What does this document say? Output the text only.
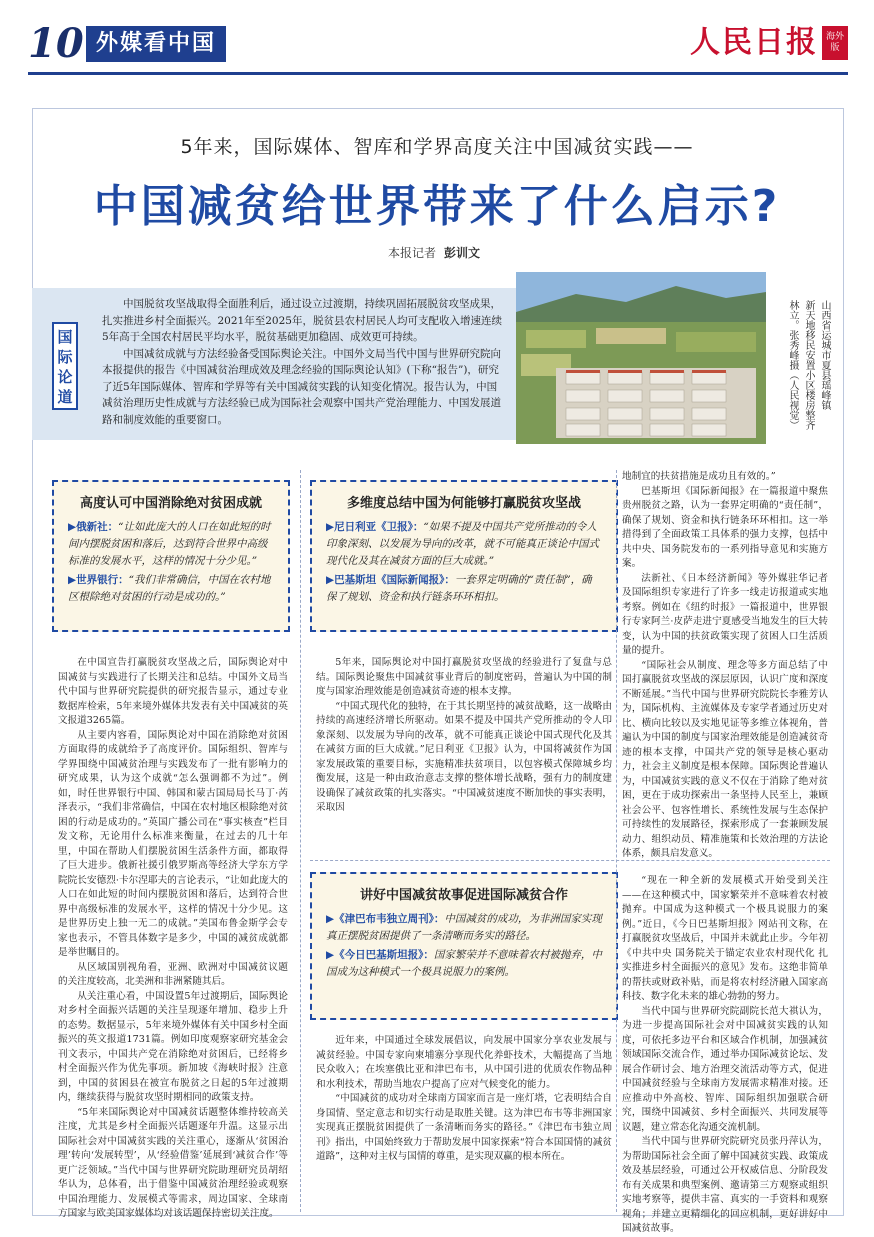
10 外媒看中国	人民日报 海外版
5年来，国际媒体、智库和学界高度关注中国减贫实践——
中国减贫给世界带来了什么启示?
本报记者 彭训文
国际论道

中国脱贫攻坚战取得全面胜利后，通过设立过渡期，持续巩固拓展脱贫攻坚成果，扎实推进乡村全面振兴。2021年至2025年，脱贫县农村居民人均可支配收入增速连续5年高于全国农村居民平均水平，脱贫基础更加稳固、成效更可持续。

中国减贫成就与方法经验备受国际舆论关注。中国外文局当代中国与世界研究院向本报提供的报告《中国减贫治理成效及理念经验的国际舆论认知》(下称“报告”)，研究了近5年国际媒体、智库和学界等有关中国减贫实践的认知变化情况。报告认为，中国减贫治理历史性成就与方法经验已成为国际社会观察中国共产党治理能力、中国发展道路和制度效能的重要窗口。

山西省运城市夏县瑶峰镇
新天地移民安置小区楼房整齐
林立。张秀峰摄（人民视觉）
高度认可中国消除绝对贫困成就

▶俄新社：“让如此庞大的人口在如此短的时间内摆脱贫困和落后，达到符合世界中高级标准的发展水平，这样的情况十分少见。”

▶世界银行：“我们非常确信，中国在农村地区根除绝对贫困的行动是成功的。”

多维度总结中国为何能够打赢脱贫攻坚战

▶尼日利亚《卫报》：“如果不提及中国共产党所推动的令人印象深刻、以发展为导向的改革，就不可能真正谈论中国式现代化及其在减贫方面的巨大成就。”

▶巴基斯坦《国际新闻报》：一套界定明确的“责任制”，确保了规划、资金和执行链条环环相扣。

讲好中国减贫故事促进国际减贫合作

▶《津巴布韦独立周刊》：中国减贫的成功，为非洲国家实现真正摆脱贫困提供了一条清晰而务实的路径。

▶《今日巴基斯坦报》：国家繁荣并不意味着农村被抛弃，中国成为这种模式一个极具说服力的案例。

在中国宣告打赢脱贫攻坚战之后，国际舆论对中国减贫与实践进行了长期关注和总结。中国外文局当代中国与世界研究院提供的研究报告显示，通过专业数据库检索，5年来境外媒体共发表有关中国减贫的英文报道3265篇。

从主要内容看，国际舆论对中国在消除绝对贫困方面取得的成就给予了高度评价。国际组织、智库与学界围绕中国减贫治理与实践发布了一批有影响力的研究成果，认为这个成就“怎么强调都不为过”。例如，时任世界银行中国、韩国和蒙古国局局长马丁·芮泽表示，“我们非常确信，中国在农村地区根除绝对贫困的行动是成功的。”英国广播公司在“事实核查”栏目发文称，无论用什么标准来衡量，在过去的几十年里，中国在帮助人们摆脱贫困生活条件方面，都取得了巨大进步。俄新社援引俄罗斯高等经济大学东方学院院长安德烈·卡尔涅耶夫的言论表示，“让如此庞大的人口在如此短的时间内摆脱贫困和落后，达到符合世界中高级标准的发展水平，这样的情况十分少见。这是世界历史上独一无二的成就。”美国布鲁金斯学会专家也表示，不管具体数字是多少，中国的减贫成就都是举世瞩目的。

从区域国别视角看，亚洲、欧洲对中国减贫议题的关注度较高，北美洲和非洲紧随其后。

从关注重心看，中国设置5年过渡期后，国际舆论对乡村全面振兴话题的关注呈现逐年增加、稳步上升的态势。数据显示，5年来境外媒体有关中国乡村全面振兴的英文报道1731篇。例如印度观察家研究基金会刊文表示，中国共产党在消除绝对贫困后，已经将乡村全面振兴作为优先事项。新加坡《海峡时报》注意到，中国的贫困县在被宣布脱贫之日起的5年过渡期内，继续获得与脱贫攻坚时期相同的政策支持。

“5年来国际舆论对中国减贫话题整体维持较高关注度，尤其是乡村全面振兴话题逐年升温。这显示出国际社会对中国减贫实践的关注重心，逐渐从‘贫困治理’转向‘发展转型’，从‘经验借鉴’延展到‘减贫合作’等更广泛领域。”当代中国与世界研究院助理研究员胡绍华认为，总体看，出于借鉴中国减贫治理经验或观察中国治理能力、发展模式等需求，周边国家、全球南方国家与欧美国家媒体均对该话题保持密切关注度。

5年来，国际舆论对中国打赢脱贫攻坚战的经验进行了复盘与总结。国际舆论聚焦中国减贫事业背后的制度密码，普遍认为中国的制度与国家治理效能是创造减贫奇迹的根本支撑。

“中国式现代化的独特，在于其长期坚持的减贫战略，这一战略由持续的高速经济增长所驱动。如果不提及中国共产党所推动的令人印象深刻、以发展为导向的改革，就不可能真正谈论中国式现代化及其在减贫方面的巨大成就。”尼日利亚《卫报》认为，中国将减贫作为国家发展政策的重要目标，实施精准扶贫项目，以包容模式保障城乡均衡发展，这是一种由政治意志支撑的整体增长战略，强有力的制度建设确保了减贫政策的扎实落实。“中国减贫速度不断加快的事实表明，采取因

地制宜的扶贫措施是成功且有效的。”

巴基斯坦《国际新闻报》在一篇报道中聚焦贵州脱贫之路，认为一套界定明确的“责任制”，确保了规划、资金和执行链条环环相扣。这一举措得到了全面政策工具体系的强力支撑，包括中共中央、国务院发布的一系列指导意见和实施方案。

法新社、《日本经济新闻》等外媒驻华记者及国际组织专家进行了许多一线走访报道或实地考察。例如在《纽约时报》一篇报道中，世界银行专家阿兰·皮萨走进宁夏感受当地发生的巨大转变，认为中国的扶贫政策实现了贫困人口生活质量的提升。

“国际社会从制度、理念等多方面总结了中国打赢脱贫攻坚战的深层原因，认识广度和深度不断延展。”当代中国与世界研究院院长李雅芳认为，国际机构、主流媒体及专家学者通过历史对比、横向比较以及实地见证等多维立体视角，普遍认为中国的制度与国家治理效能是创造减贫奇迹的根本支撑，中国共产党的领导是核心驱动力，社会主义制度是根本保障。国际舆论普遍认为，中国减贫实践的意义不仅在于消除了绝对贫困，更在于成功探索出一条坚持人民至上，兼顾社会公平、包容性增长、系统性发展与生态保护可持续性的发展路径，探索形成了一套兼顾发展动力、组织动员、精准施策和长效治理的方法论体系，颇具启发意义。

近年来，中国通过全球发展倡议，向发展中国家分享农业发展与减贫经验。中国专家向柬埔寨分享现代化养虾技术，大幅提高了当地民众收入；在埃塞俄比亚和津巴布韦，从中国引进的优质农作物品种和水利技术，帮助当地农户提高了应对气候变化的能力。

“中国减贫的成功对全球南方国家而言是一座灯塔，它表明结合自身国情、坚定意志和切实行动是取胜关键。这为津巴布韦等非洲国家实现真正摆脱贫困提供了一条清晰而务实的路径。”《津巴布韦独立周刊》指出，中国始终致力于帮助发展中国家探索“符合本国国情的减贫道路”，这种对主权与国情的尊重，是实现双赢的根本所在。

“现在一种全新的发展模式开始受到关注——在这种模式中，国家繁荣并不意味着农村被抛弃。中国成为这种模式一个极具说服力的案例。”近日，《今日巴基斯坦报》网站刊文称，在打赢脱贫攻坚战后，中国并未就此止步。今年初《中共中央 国务院关于锚定农业农村现代化 扎实推进乡村全面振兴的意见》发布。这绝非简单的帮扶或财政补贴，而是将农村经济融入国家高科技、数字化未来的雄心勃勃的努力。

当代中国与世界研究院副院长范大祺认为，为进一步提高国际社会对中国减贫实践的认知度，可依托多边平台和区域合作机制，加强减贫领域国际交流合作，通过举办国际减贫论坛、发展合作研讨会、地方治理交流活动等方式，促进中国减贫经验与全球南方发展需求精准对接。还应推动中外高校、智库、国际组织加强联合研究，围绕中国减贫、乡村全面振兴、共同发展等议题，建立常态化沟通交流机制。

当代中国与世界研究院研究员张丹萍认为，为帮助国际社会全面了解中国减贫实践、政策成效及基层经验，可通过公开权威信息、分阶段发布有关成果和典型案例、邀请第三方观察或组织实地考察等，提供丰富、真实的一手资料和观察视角；并建立更精细化的回应机制，更好讲好中国减贫故事。
